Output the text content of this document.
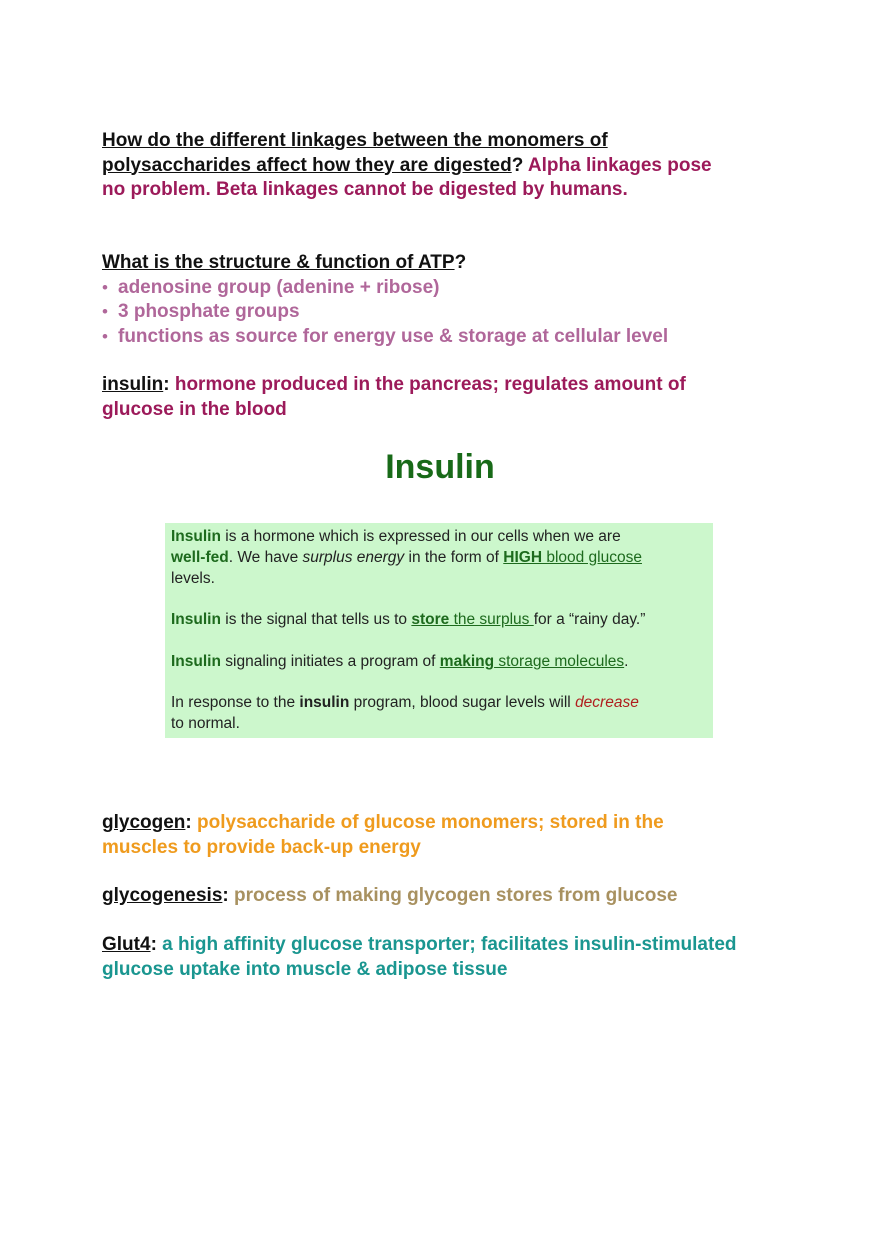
How do the different linkages between the monomers of
polysaccharides affect how they are digested? Alpha linkages pose
no problem. Beta linkages cannot be digested by humans.
What is the structure & function of ATP?
• adenosine group (adenine + ribose)
• 3 phosphate groups
• functions as source for energy use & storage at cellular level
insulin: hormone produced in the pancreas; regulates amount of
glucose in the blood
glycogen: polysaccharide of glucose monomers; stored in the
muscles to provide back-up energy
glycogenesis: process of making glycogen stores from glucose
Glut4: a high affinity glucose transporter; facilitates insulin-stimulated
glucose uptake into muscle & adipose tissue
Insulin

Insulin is a hormone which is expressed in our cells when we are
well-fed. We have surplus energy in the form of HIGH blood glucose
levels.

Insulin is the signal that tells us to store the surplus for a “rainy day.”

Insulin signaling initiates a program of making storage molecules.

In response to the insulin program, blood sugar levels will decrease
to normal.
